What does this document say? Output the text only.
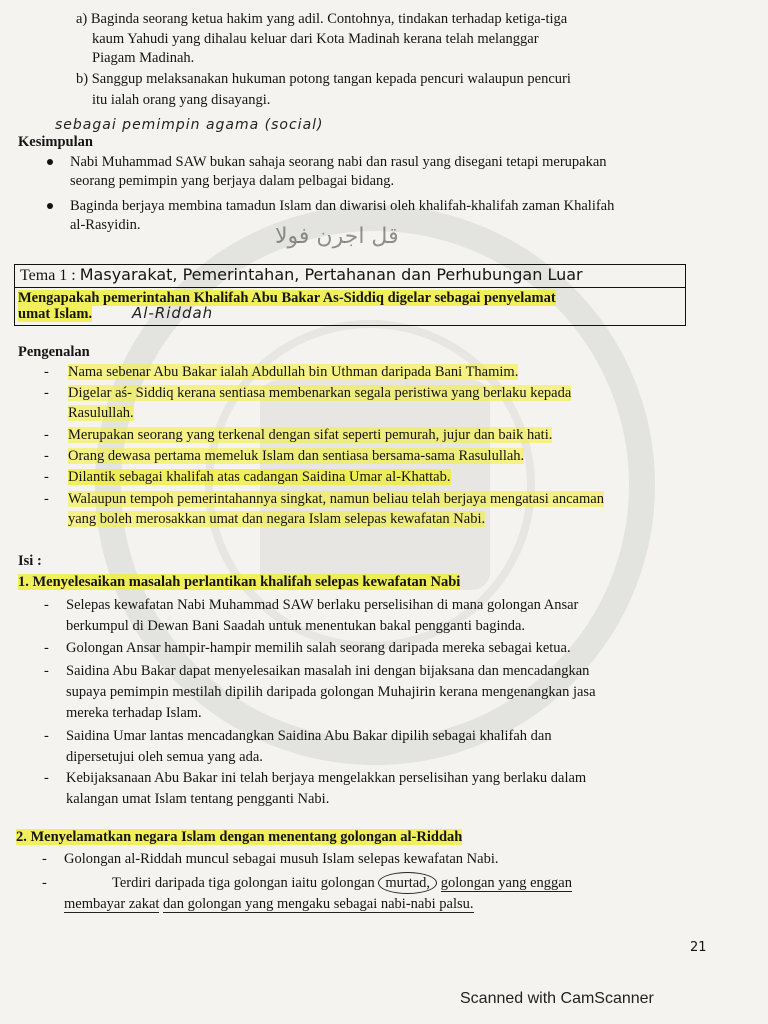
a) Baginda seorang ketua hakim yang adil. Contohnya, tindakan terhadap ketiga-tiga
kaum Yahudi yang dihalau keluar dari Kota Madinah kerana telah melanggar
Piagam Madinah.
b) Sanggup melaksanakan hukuman potong tangan kepada pencuri walaupun pencuri
itu ialah orang yang disayangi.
sebagai pemimpin agama (social)
Kesimpulan
Nabi Muhammad SAW bukan sahaja seorang nabi dan rasul yang disegani tetapi merupakan
seorang pemimpin yang berjaya dalam pelbagai bidang.
Baginda berjaya membina tamadun Islam dan diwarisi oleh khalifah-khalifah zaman Khalifah
al-Rasyidin.	قل اجرن فولا
Tema 1 : Masyarakat, Pemerintahan, Pertahanan dan Perhubungan Luar
Mengapakah pemerintahan Khalifah Abu Bakar As-Siddiq digelar sebagai penyelamat
umat Islam.	Al-Riddah
Pengenalan
- Nama sebenar Abu Bakar ialah Abdullah bin Uthman daripada Bani Thamim.
- Digelar aś- Siddiq kerana sentiasa membenarkan segala peristiwa yang berlaku kepada
Rasulullah.
- Merupakan seorang yang terkenal dengan sifat seperti pemurah, jujur dan baik hati.
- Orang dewasa pertama memeluk Islam dan sentiasa bersama-sama Rasulullah.
- Dilantik sebagai khalifah atas cadangan Saidina Umar al-Khattab.
- Walaupun tempoh pemerintahannya singkat, namun beliau telah berjaya mengatasi ancaman
yang boleh merosakkan umat dan negara Islam selepas kewafatan Nabi.
Isi :
1. Menyelesaikan masalah perlantikan khalifah selepas kewafatan Nabi
- Selepas kewafatan Nabi Muhammad SAW berlaku perselisihan di mana golongan Ansar
berkumpul di Dewan Bani Saadah untuk menentukan bakal pengganti baginda.
- Golongan Ansar hampir-hampir memilih salah seorang daripada mereka sebagai ketua.
- Saidina Abu Bakar dapat menyelesaikan masalah ini dengan bijaksana dan mencadangkan
supaya pemimpin mestilah dipilih daripada golongan Muhajirin kerana mengenangkan jasa
mereka terhadap Islam.
- Saidina Umar lantas mencadangkan Saidina Abu Bakar dipilih sebagai khalifah dan
dipersetujui oleh semua yang ada.
- Kebijaksanaan Abu Bakar ini telah berjaya mengelakkan perselisihan yang berlaku dalam
kalangan umat Islam tentang pengganti Nabi.
2. Menyelamatkan negara Islam dengan menentang golongan al-Riddah
- Golongan al-Riddah muncul sebagai musuh Islam selepas kewafatan Nabi.
-	Terdiri daripada tiga golongan iaitu golongan murtad, golongan yang enggan
membayar zakat dan golongan yang mengaku sebagai nabi-nabi palsu.
21
Scanned with CamScanner
